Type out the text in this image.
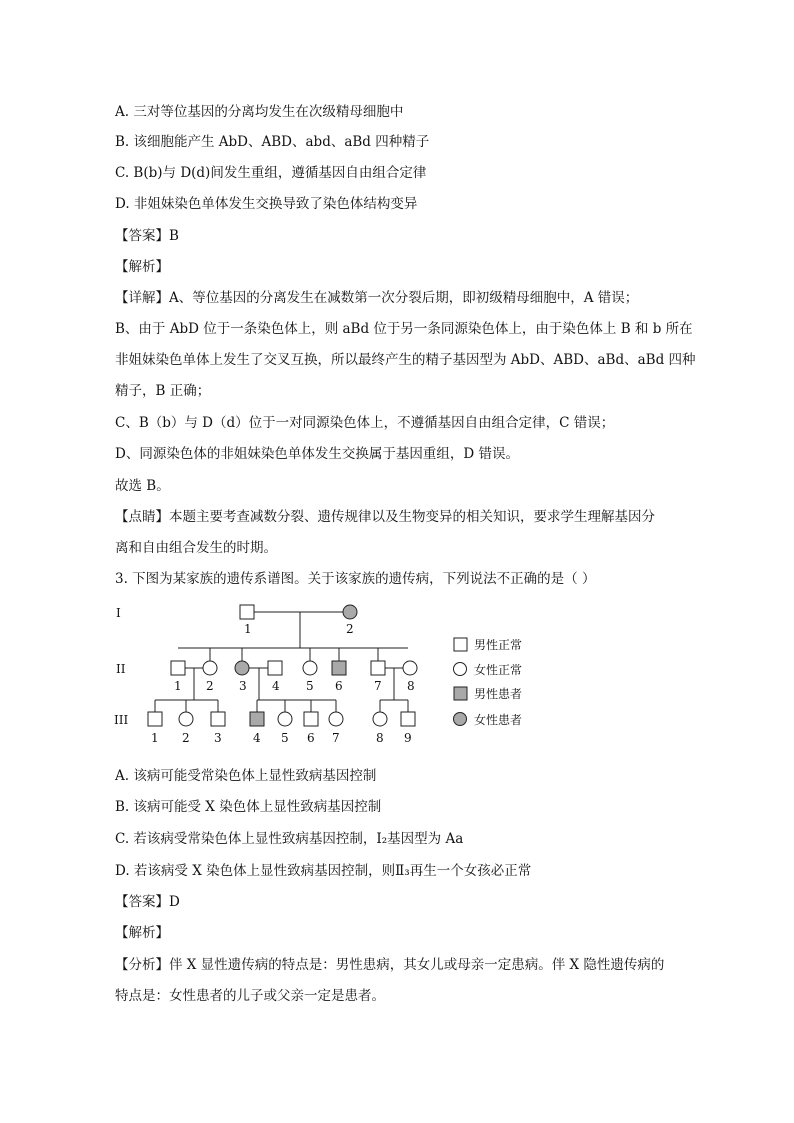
A. 三对等位基因的分离均发生在次级精母细胞中
B. 该细胞能产生 AbD、ABD、abd、aBd 四种精子
C. B(b)与 D(d)间发生重组，遵循基因自由组合定律
D. 非姐妹染色单体发生交换导致了染色体结构变异
【答案】B
【解析】
【详解】A、等位基因的分离发生在减数第一次分裂后期，即初级精母细胞中，A 错误；
B、由于 AbD 位于一条染色体上，则 aBd 位于另一条同源染色体上，由于染色体上 B 和 b 所在
非姐妹染色单体上发生了交叉互换，所以最终产生的精子基因型为 AbD、ABD、aBd、aBd 四种
精子，B 正确；
C、B（b）与 D（d）位于一对同源染色体上，不遵循基因自由组合定律，C 错误；
D、同源染色体的非姐妹染色单体发生交换属于基因重组，D 错误。
故选 B。
【点睛】本题主要考查减数分裂、遗传规律以及生物变异的相关知识，要求学生理解基因分
离和自由组合发生的时期。
3. 下图为某家族的遗传系谱图。关于该家族的遗传病，下列说法不正确的是（ ）
I
II
III
1	2
1 2 3 4 5 6	7 8
1 2 3	4 5 6 7	8 9
男性正常
女性正常
男性患者
女性患者
A. 该病可能受常染色体上显性致病基因控制
B. 该病可能受 X 染色体上显性致病基因控制
C. 若该病受常染色体上显性致病基因控制，Ⅰ₂基因型为 Aa
D. 若该病受 X 染色体上显性致病基因控制，则Ⅱ₃再生一个女孩必正常
【答案】D
【解析】
【分析】伴 X 显性遗传病的特点是：男性患病，其女儿或母亲一定患病。伴 X 隐性遗传病的
特点是：女性患者的儿子或父亲一定是患者。
